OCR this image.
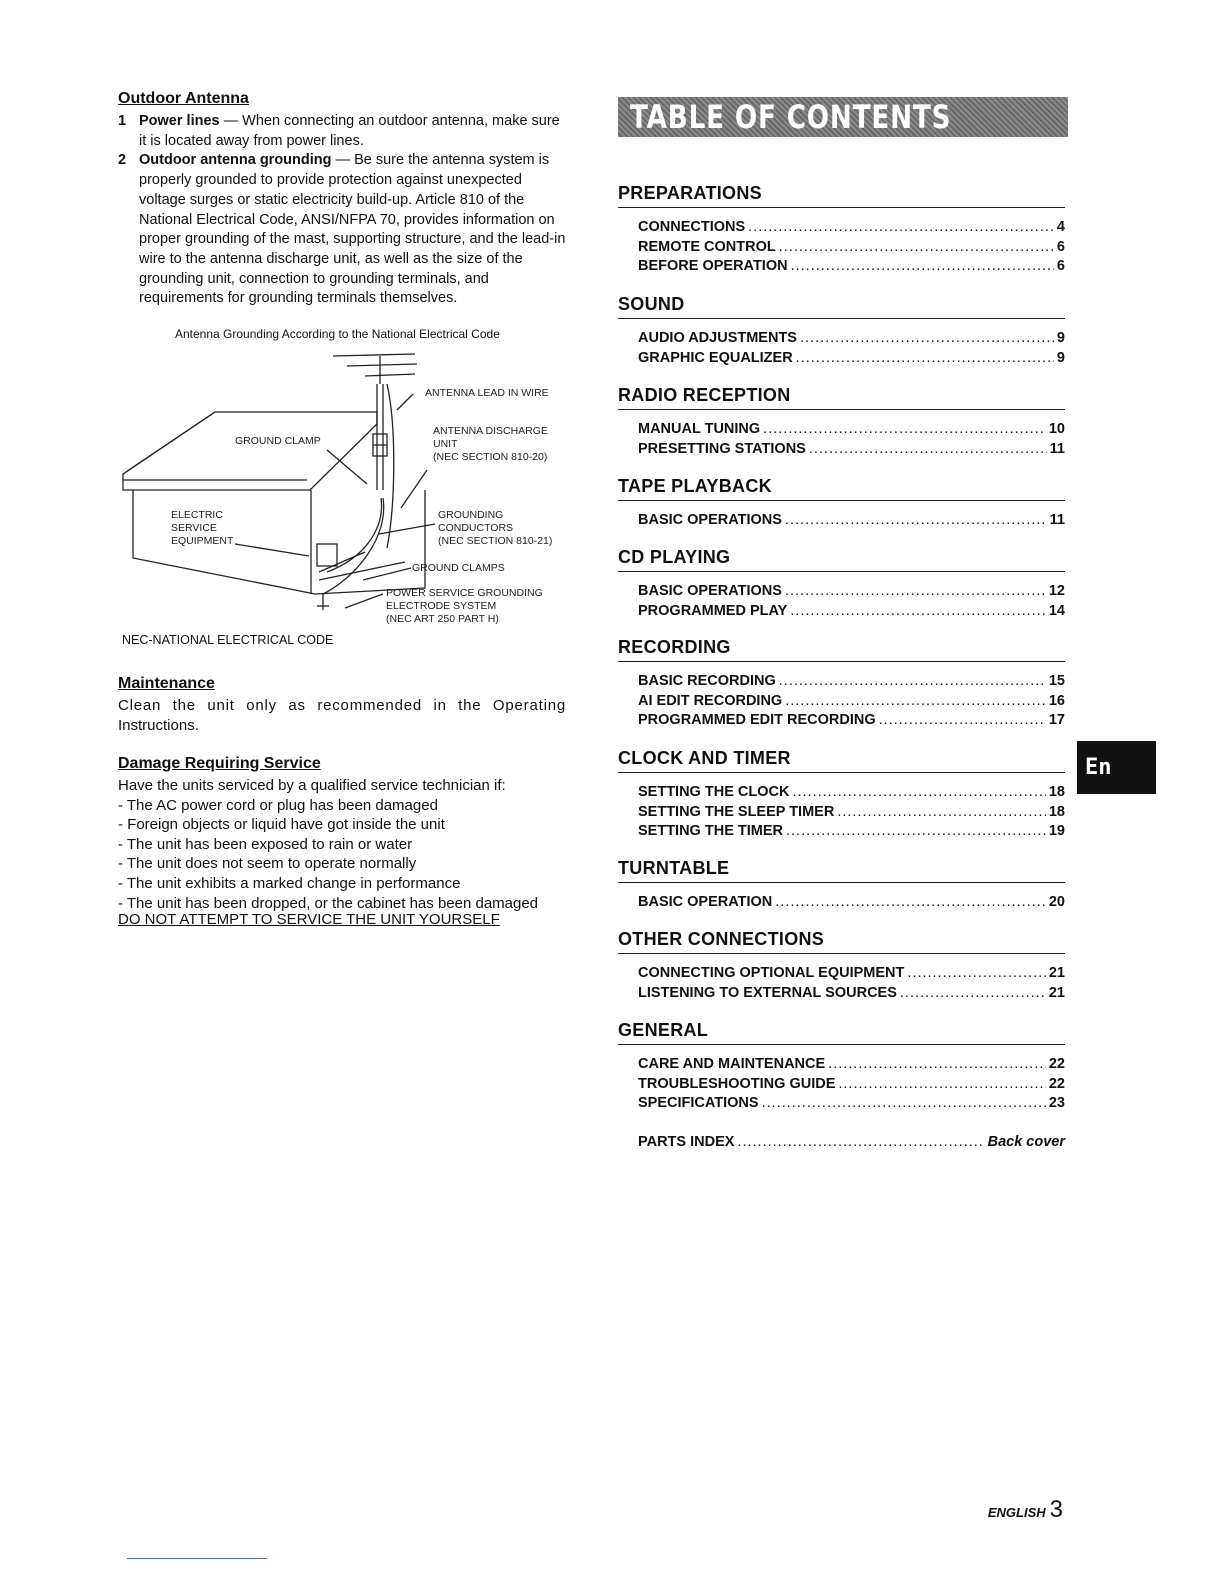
Outdoor Antenna
1 Power lines — When connecting an outdoor antenna, make sure it is located away from power lines.
2 Outdoor antenna grounding — Be sure the antenna system is properly grounded to provide protection against unexpected voltage surges or static electricity build-up. Article 810 of the National Electrical Code, ANSI/NFPA 70, provides information on proper grounding of the mast, supporting structure, and the lead-in wire to the antenna discharge unit, as well as the size of the grounding unit, connection to grounding terminals, and requirements for grounding terminals themselves.
Antenna Grounding According to the National Electrical Code
ANTENNA LEAD IN WIRE
ANTENNA DISCHARGE
UNIT
(NEC SECTION 810-20)
GROUND CLAMP
ELECTRIC
SERVICE
EQUIPMENT
GROUNDING
CONDUCTORS
(NEC SECTION 810-21)
GROUND CLAMPS
POWER SERVICE GROUNDING
ELECTRODE SYSTEM
(NEC ART 250 PART H)
NEC-NATIONAL ELECTRICAL CODE
Maintenance
Clean the unit only as recommended in the Operating
Instructions.
Damage Requiring Service
Have the units serviced by a qualified service technician if:
- The AC power cord or plug has been damaged
- Foreign objects or liquid have got inside the unit
- The unit has been exposed to rain or water
- The unit does not seem to operate normally
- The unit exhibits a marked change in performance
- The unit has been dropped, or the cabinet has been damaged
DO NOT ATTEMPT TO SERVICE THE UNIT YOURSELF
TABLE OF CONTENTS
PREPARATIONS
CONNECTIONS .....	4
REMOTE CONTROL .....	6
BEFORE OPERATION .....	6
SOUND
AUDIO ADJUSTMENTS .....	9
GRAPHIC EQUALIZER .....	9
RADIO RECEPTION
MANUAL TUNING .....	10
PRESETTING STATIONS .....	11
TAPE PLAYBACK
BASIC OPERATIONS .....	11
CD PLAYING
BASIC OPERATIONS .....	12
PROGRAMMED PLAY .....	14
RECORDING
BASIC RECORDING .....	15
AI EDIT RECORDING .....	16
PROGRAMMED EDIT RECORDING .....	17
CLOCK AND TIMER
SETTING THE CLOCK .....	18
SETTING THE SLEEP TIMER .....	18
SETTING THE TIMER .....	19
TURNTABLE
BASIC OPERATION .....	20
OTHER CONNECTIONS
CONNECTING OPTIONAL EQUIPMENT .....	21
LISTENING TO EXTERNAL SOURCES .....	21
GENERAL
CARE AND MAINTENANCE .....	22
TROUBLESHOOTING GUIDE .....	22
SPECIFICATIONS .....	23
PARTS INDEX .....	Back cover
En
ENGLISH 3
